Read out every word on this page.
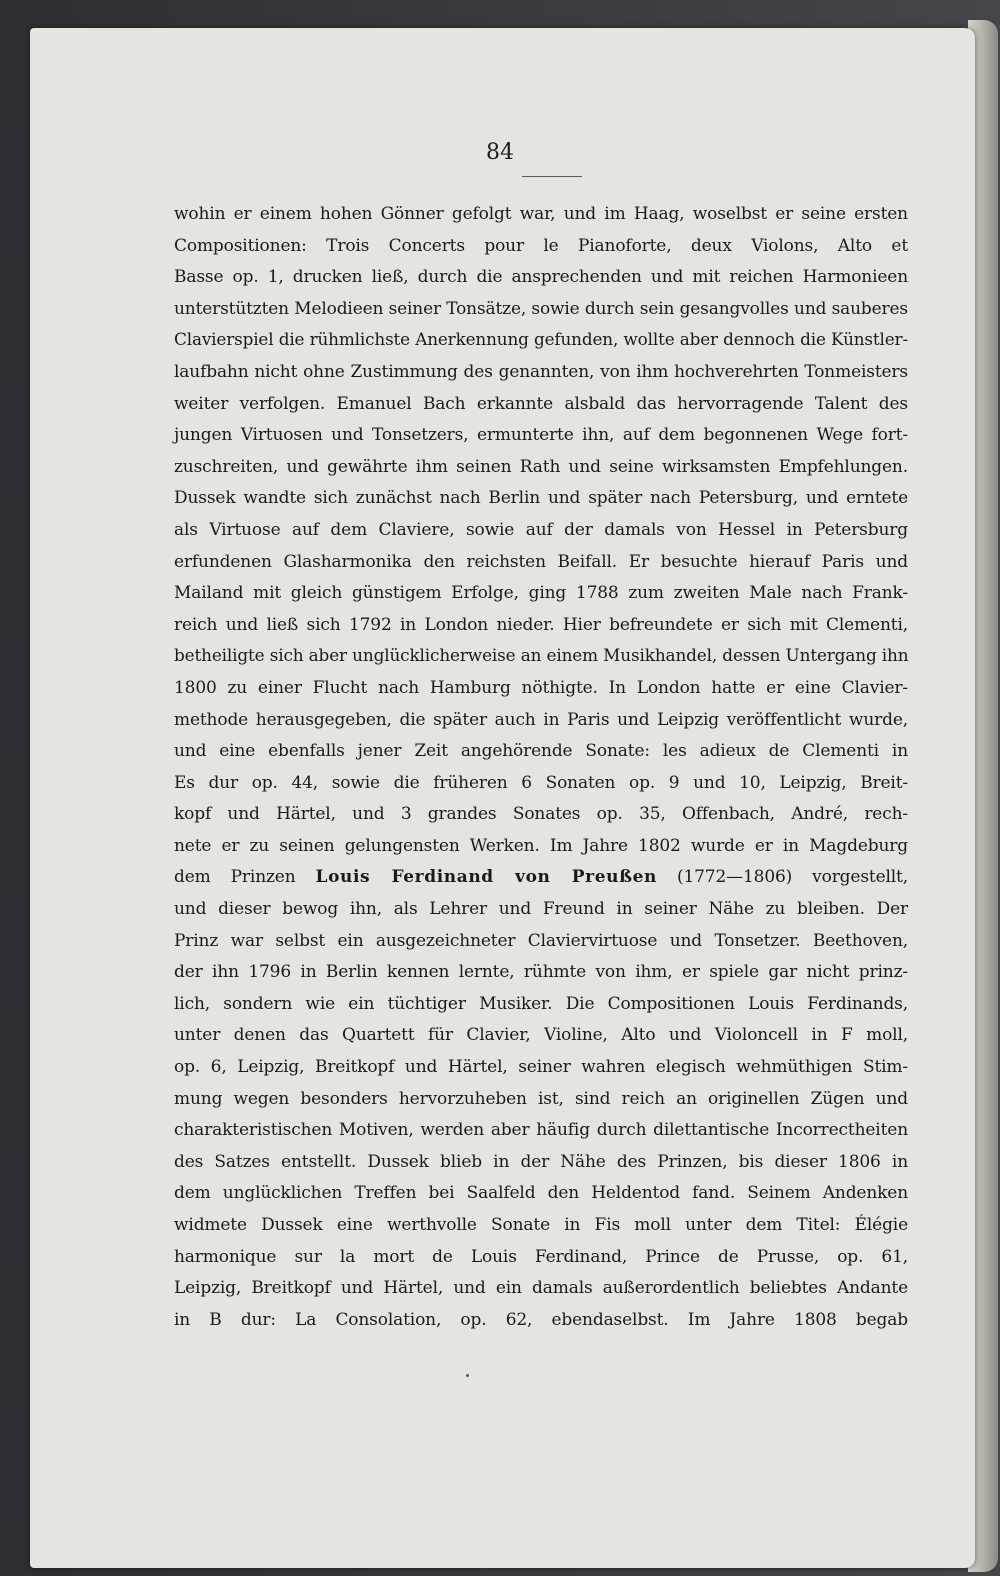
84
wohin er einem hohen Gönner gefolgt war, und im Haag, woselbst er seine ersten
Compositionen: Trois Concerts pour le Pianoforte, deux Violons, Alto et
Basse op. 1, drucken ließ, durch die ansprechenden und mit reichen Harmonieen
unterstützten Melodieen seiner Tonsätze, sowie durch sein gesangvolles und sauberes
Clavierspiel die rühmlichste Anerkennung gefunden, wollte aber dennoch die Künstler-
laufbahn nicht ohne Zustimmung des genannten, von ihm hochverehrten Tonmeisters
weiter verfolgen. Emanuel Bach erkannte alsbald das hervorragende Talent des
jungen Virtuosen und Tonsetzers, ermunterte ihn, auf dem begonnenen Wege fort-
zuschreiten, und gewährte ihm seinen Rath und seine wirksamsten Empfehlungen.
Dussek wandte sich zunächst nach Berlin und später nach Petersburg, und erntete
als Virtuose auf dem Claviere, sowie auf der damals von Hessel in Petersburg
erfundenen Glasharmonika den reichsten Beifall. Er besuchte hierauf Paris und
Mailand mit gleich günstigem Erfolge, ging 1788 zum zweiten Male nach Frank-
reich und ließ sich 1792 in London nieder. Hier befreundete er sich mit Clementi,
betheiligte sich aber unglücklicherweise an einem Musikhandel, dessen Untergang ihn
1800 zu einer Flucht nach Hamburg nöthigte. In London hatte er eine Clavier-
methode herausgegeben, die später auch in Paris und Leipzig veröffentlicht wurde,
und eine ebenfalls jener Zeit angehörende Sonate: les adieux de Clementi in
Es dur op. 44, sowie die früheren 6 Sonaten op. 9 und 10, Leipzig, Breit-
kopf und Härtel, und 3 grandes Sonates op. 35, Offenbach, André, rech-
nete er zu seinen gelungensten Werken. Im Jahre 1802 wurde er in Magdeburg
dem Prinzen Louis Ferdinand von Preußen (1772—1806) vorgestellt,
und dieser bewog ihn, als Lehrer und Freund in seiner Nähe zu bleiben. Der
Prinz war selbst ein ausgezeichneter Claviervirtuose und Tonsetzer. Beethoven,
der ihn 1796 in Berlin kennen lernte, rühmte von ihm, er spiele gar nicht prinz-
lich, sondern wie ein tüchtiger Musiker. Die Compositionen Louis Ferdinands,
unter denen das Quartett für Clavier, Violine, Alto und Violoncell in F moll,
op. 6, Leipzig, Breitkopf und Härtel, seiner wahren elegisch wehmüthigen Stim-
mung wegen besonders hervorzuheben ist, sind reich an originellen Zügen und
charakteristischen Motiven, werden aber häufig durch dilettantische Incorrectheiten
des Satzes entstellt. Dussek blieb in der Nähe des Prinzen, bis dieser 1806 in
dem unglücklichen Treffen bei Saalfeld den Heldentod fand. Seinem Andenken
widmete Dussek eine werthvolle Sonate in Fis moll unter dem Titel: Élégie
harmonique sur la mort de Louis Ferdinand, Prince de Prusse, op. 61,
Leipzig, Breitkopf und Härtel, und ein damals außerordentlich beliebtes Andante
in B dur: La Consolation, op. 62, ebendaselbst. Im Jahre 1808 begab
